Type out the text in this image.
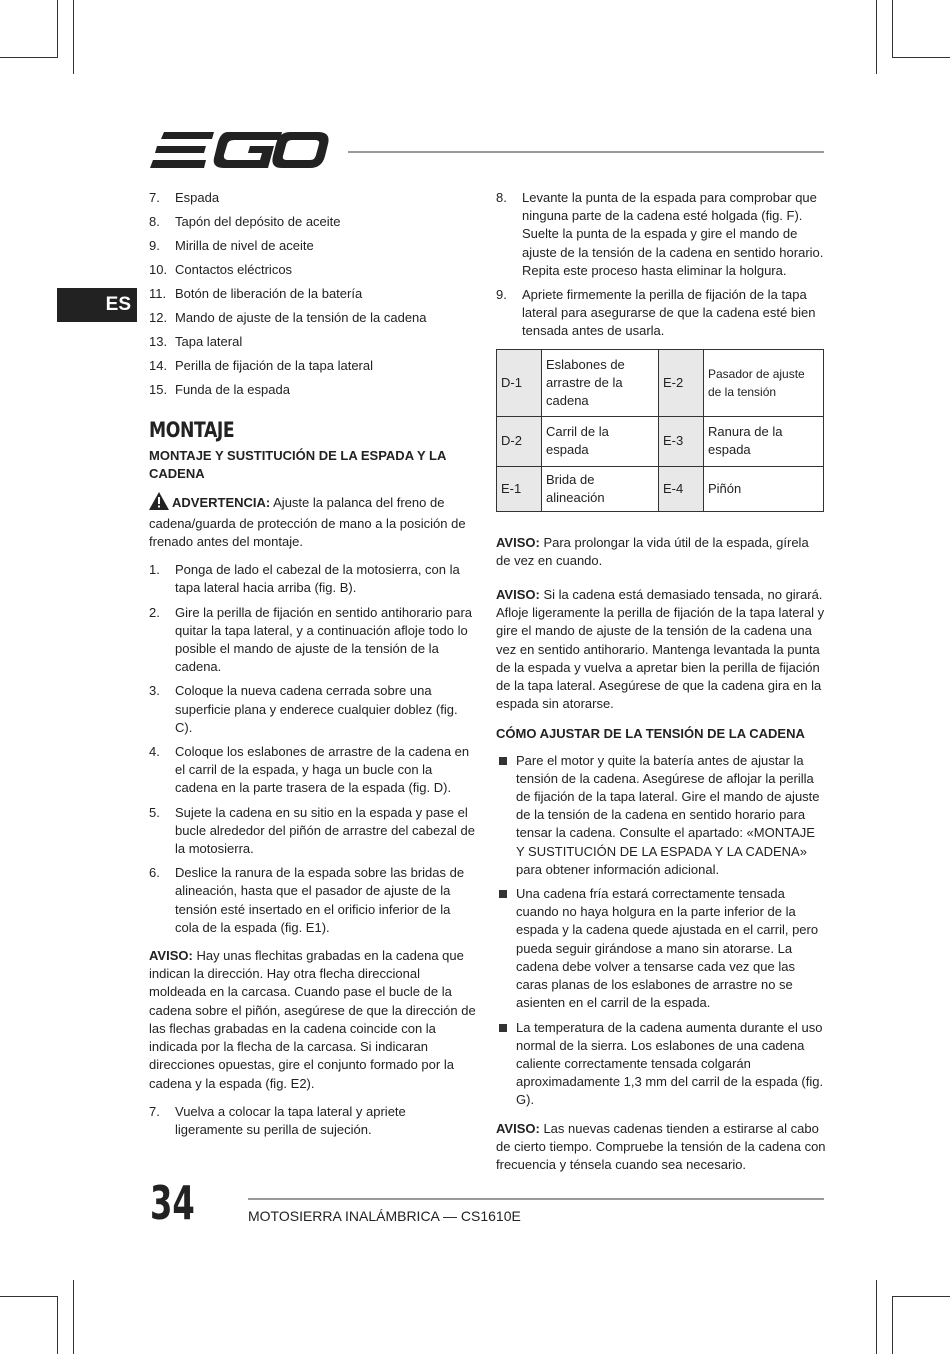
ES
7.	Espada
8.	Tapón del depósito de aceite
9.	Mirilla de nivel de aceite
10. Contactos eléctricos
11. Botón de liberación de la batería
12. Mando de ajuste de la tensión de la cadena
13. Tapa lateral
14. Perilla de fijación de la tapa lateral
15. Funda de la espada
MONTAJE
MONTAJE Y SUSTITUCIÓN DE LA ESPADA Y LA CADENA

ADVERTENCIA: Ajuste la palanca del freno de cadena/guarda de protección de mano a la posición de frenado antes del montaje.

1.	Ponga de lado el cabezal de la motosierra, con la tapa lateral hacia arriba (fig. B).
2.	Gire la perilla de fijación en sentido antihorario para quitar la tapa lateral, y a continuación afloje todo lo posible el mando de ajuste de la tensión de la cadena.
3.	Coloque la nueva cadena cerrada sobre una superficie plana y enderece cualquier doblez (fig. C).
4.	Coloque los eslabones de arrastre de la cadena en el carril de la espada, y haga un bucle con la cadena en la parte trasera de la espada (fig. D).
5.	Sujete la cadena en su sitio en la espada y pase el bucle alrededor del piñón de arrastre del cabezal de la motosierra.
6.	Deslice la ranura de la espada sobre las bridas de alineación, hasta que el pasador de ajuste de la tensión esté insertado en el orificio inferior de la cola de la espada (fig. E1).

AVISO: Hay unas flechitas grabadas en la cadena que indican la dirección. Hay otra flecha direccional moldeada en la carcasa. Cuando pase el bucle de la cadena sobre el piñón, asegúrese de que la dirección de las flechas grabadas en la cadena coincide con la indicada por la flecha de la carcasa. Si indicaran direcciones opuestas, gire el conjunto formado por la cadena y la espada (fig. E2).

7.	Vuelva a colocar la tapa lateral y apriete ligeramente su perilla de sujeción.
8.	Levante la punta de la espada para comprobar que ninguna parte de la cadena esté holgada (fig. F). Suelte la punta de la espada y gire el mando de ajuste de la tensión de la cadena en sentido horario. Repita este proceso hasta eliminar la holgura.
9.	Apriete firmemente la perilla de fijación de la tapa lateral para asegurarse de que la cadena esté bien tensada antes de usarla.
D-1	Eslabones de arrastre de la cadena	E-2	Pasador de ajuste de la tensión
D-2	Carril de la espada	E-3	Ranura de la espada
E-1	Brida de alineación	E-4	Piñón

AVISO: Para prolongar la vida útil de la espada, gírela de vez en cuando.

AVISO: Si la cadena está demasiado tensada, no girará. Afloje ligeramente la perilla de fijación de la tapa lateral y gire el mando de ajuste de la tensión de la cadena una vez en sentido antihorario. Mantenga levantada la punta de la espada y vuelva a apretar bien la perilla de fijación de la tapa lateral. Asegúrese de que la cadena gira en la espada sin atorarse.

CÓMO AJUSTAR DE LA TENSIÓN DE LA CADENA
Pare el motor y quite la batería antes de ajustar la tensión de la cadena. Asegúrese de aflojar la perilla de fijación de la tapa lateral. Gire el mando de ajuste de la tensión de la cadena en sentido horario para tensar la cadena. Consulte el apartado: «MONTAJE Y SUSTITUCIÓN DE LA ESPADA Y LA CADENA» para obtener información adicional.
Una cadena fría estará correctamente tensada cuando no haya holgura en la parte inferior de la espada y la cadena quede ajustada en el carril, pero pueda seguir girándose a mano sin atorarse. La cadena debe volver a tensarse cada vez que las caras planas de los eslabones de arrastre no se asienten en el carril de la espada.
La temperatura de la cadena aumenta durante el uso normal de la sierra. Los eslabones de una cadena caliente correctamente tensada colgarán aproximadamente 1,3 mm del carril de la espada (fig. G).

AVISO: Las nuevas cadenas tienden a estirarse al cabo de cierto tiempo. Compruebe la tensión de la cadena con frecuencia y ténsela cuando sea necesario.

34	MOTOSIERRA INALÁMBRICA — CS1610E
